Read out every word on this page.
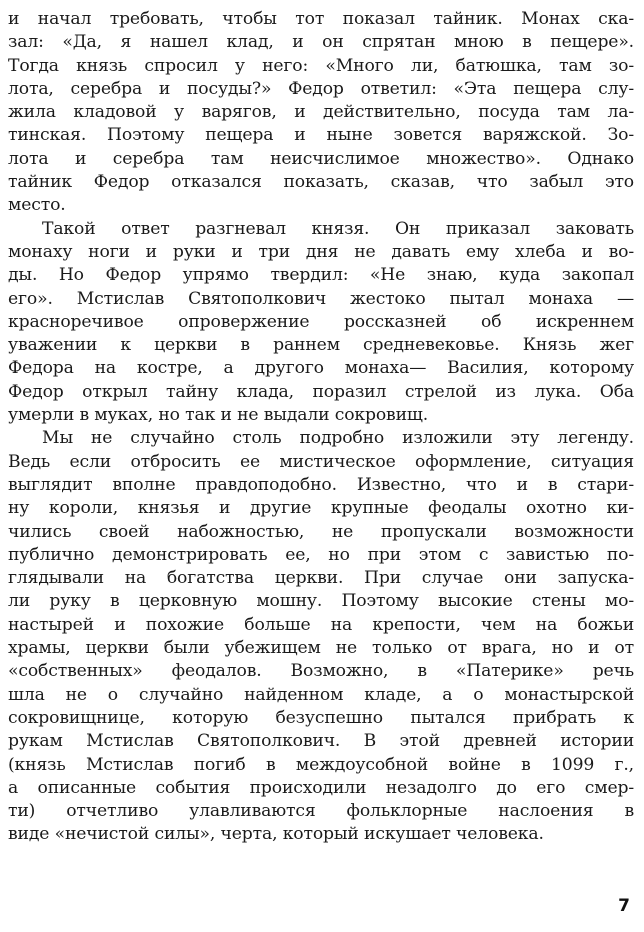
и начал требовать, чтобы тот показал тайник. Монах ска-
зал: «Да, я нашел клад, и он спрятан мною в пещере».
Тогда князь спросил у него: «Много ли, батюшка, там зо-
лота, серебра и посуды?» Федор ответил: «Эта пещера слу-
жила кладовой у варягов, и действительно, посуда там ла-
тинская. Поэтому пещера и ныне зовется варяжской. Зо-
лота и серебра там неисчислимое множество». Однако
тайник Федор отказался показать, сказав, что забыл это
место.
Такой ответ разгневал князя. Он приказал заковать
монаху ноги и руки и три дня не давать ему хлеба и во-
ды. Но Федор упрямо твердил: «Не знаю, куда закопал
его». Мстислав Святополкович жестоко пытал монаха —
красноречивое опровержение россказней об искреннем
уважении к церкви в раннем средневековье. Князь жег
Федора на костре, а другого монаха— Василия, которому
Федор открыл тайну клада, поразил стрелой из лука. Оба
умерли в муках, но так и не выдали сокровищ.
Мы не случайно столь подробно изложили эту легенду.
Ведь если отбросить ее мистическое оформление, ситуация
выглядит вполне правдоподобно. Известно, что и в стари-
ну короли, князья и другие крупные феодалы охотно ки-
чились своей набожностью, не пропускали возможности
публично демонстрировать ее, но при этом с завистью по-
глядывали на богатства церкви. При случае они запуска-
ли руку в церковную мошну. Поэтому высокие стены мо-
настырей и похожие больше на крепости, чем на божьи
храмы, церкви были убежищем не только от врага, но и от
«собственных» феодалов. Возможно, в «Патерике» речь
шла не о случайно найденном кладе, а о монастырской
сокровищнице, которую безуспешно пытался прибрать к
рукам Мстислав Святополкович. В этой древней истории
(князь Мстислав погиб в междоусобной войне в 1099 г.,
а описанные события происходили незадолго до его смер-
ти) отчетливо улавливаются фольклорные наслоения в
виде «нечистой силы», черта, который искушает человека.
7
